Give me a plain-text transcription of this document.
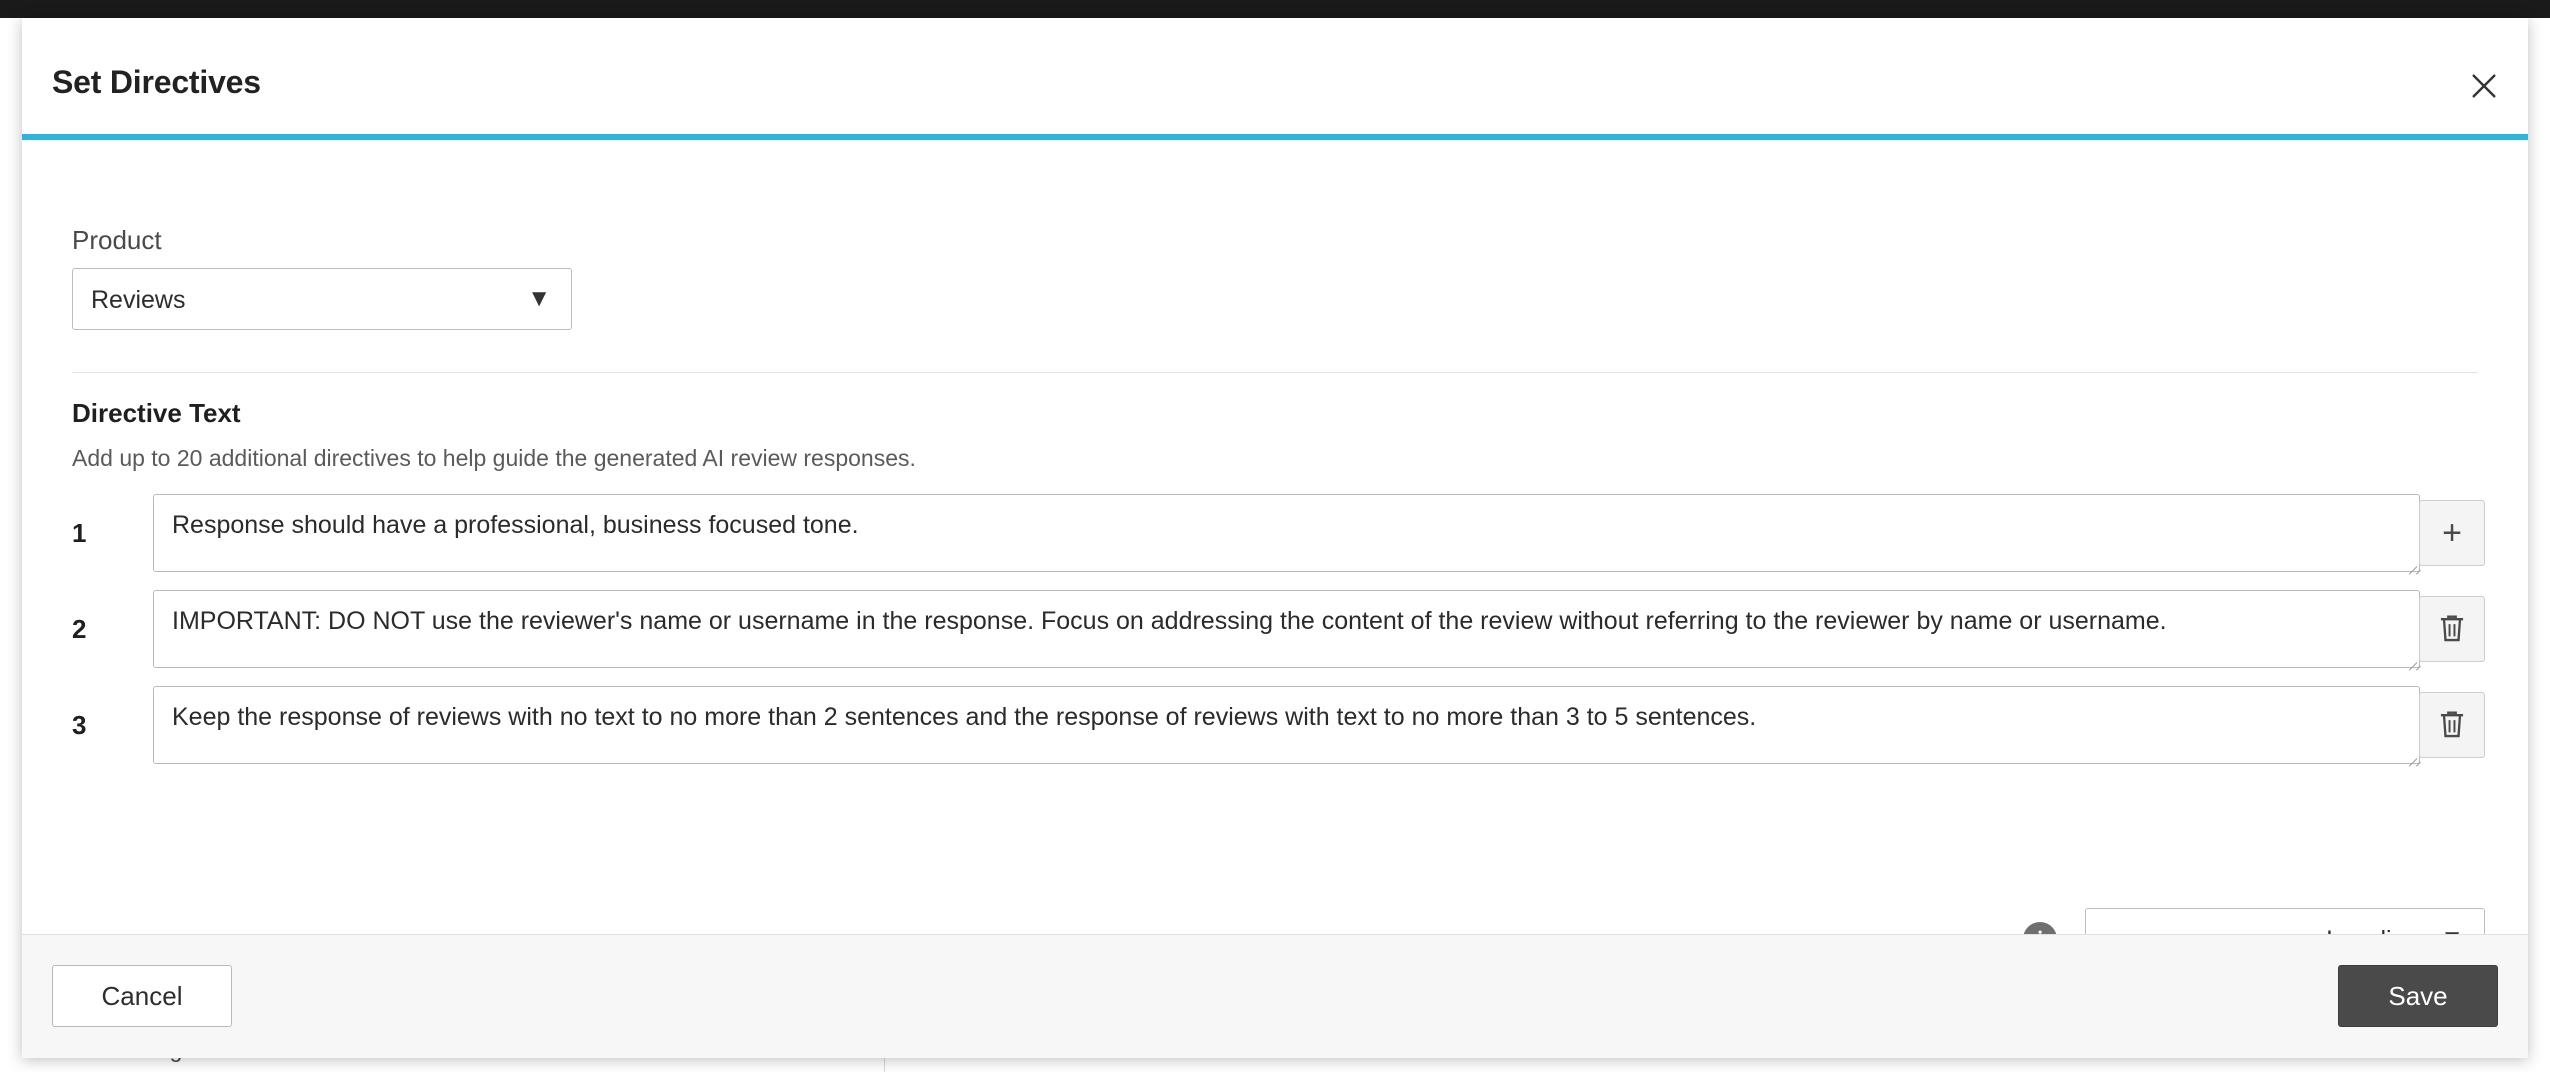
Set Directives
Product
Reviews	▼
Directive Text
Add up to 20 additional directives to help guide the generated AI review responses.
1
Response should have a professional, business focused tone.	+
2
IMPORTANT: DO NOT use the reviewer's name or username in the response. Focus on addressing the content of the review without referring to the reviewer by name or username.
3
Keep the response of reviews with no text to no more than 2 sentences and the response of reviews with text to no more than 3 to 5 sentences.
Cancel	Save
